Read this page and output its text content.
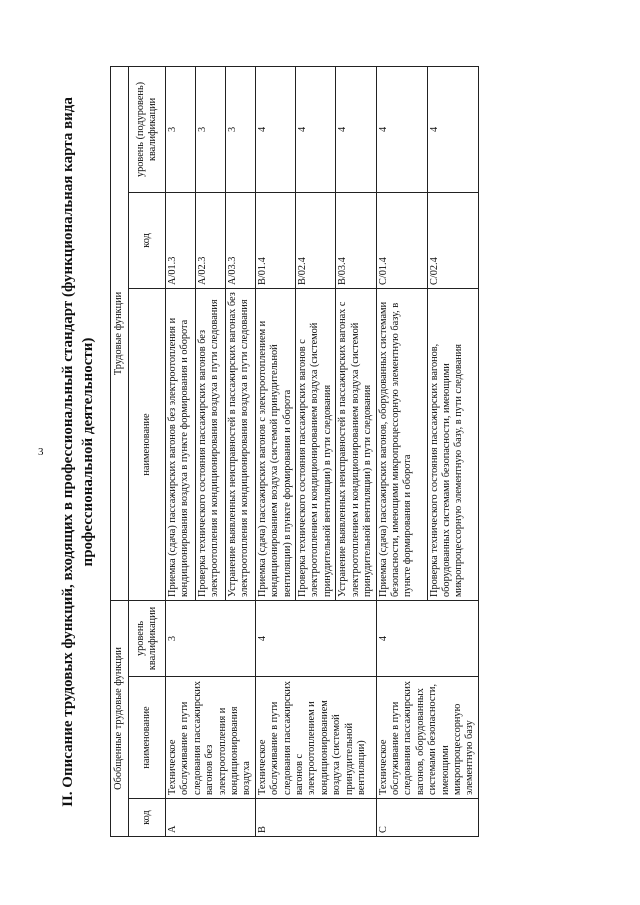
3 II. Описание трудовых функций, входящих в профессиональный стандарт (функциональная карта вида профессиональной деятельности)
Обобщенные трудовые функции			Трудовые функции		
код	наименование	уровень квалификации	наименование	код	уровень (подуровень) квалификации
A	Техническое обслуживание в пути следования пассажирских вагонов без электроотопления и кондиционирования воздуха	3	Приемка (сдача) пассажирских вагонов без электроотопления и кондиционирования воздуха в пункте формирования и оборота	A/01.3	3
			Проверка технического состояния пассажирских вагонов без электроотопления и кондиционирования воздуха в пути следования	A/02.3	3
			Устранение выявленных неисправностей в пассажирских вагонах без электроотопления и кондиционирования воздуха в пути следования	A/03.3	3
B	Техническое обслуживание в пути следования пассажирских вагонов с электроотоплением и кондиционированием воздуха (системой принудительной вентиляции)	4	Приемка (сдача) пассажирских вагонов с электроотоплением и кондиционированием воздуха (системой принудительной вентиляции) в пункте формирования и оборота	B/01.4	4
			Проверка технического состояния пассажирских вагонов с электроотоплением и кондиционированием воздуха (системой принудительной вентиляции) в пути следования	B/02.4	4
			Устранение выявленных неисправностей в пассажирских вагонах с электроотоплением и кондиционированием воздуха (системой принудительной вентиляции) в пути следования	B/03.4	4
C	Техническое обслуживание в пути следования пассажирских вагонов, оборудованных системами безопасности, имеющими микропроцессорную элементную базу	4	Приемка (сдача) пассажирских вагонов, оборудованных системами безопасности, имеющими микропроцессорную элементную базу, в пункте формирования и оборота	C/01.4	4
			Проверка технического состояния пассажирских вагонов, оборудованных системами безопасности, имеющими микропроцессорную элементную базу, в пути следования	C/02.4	4
